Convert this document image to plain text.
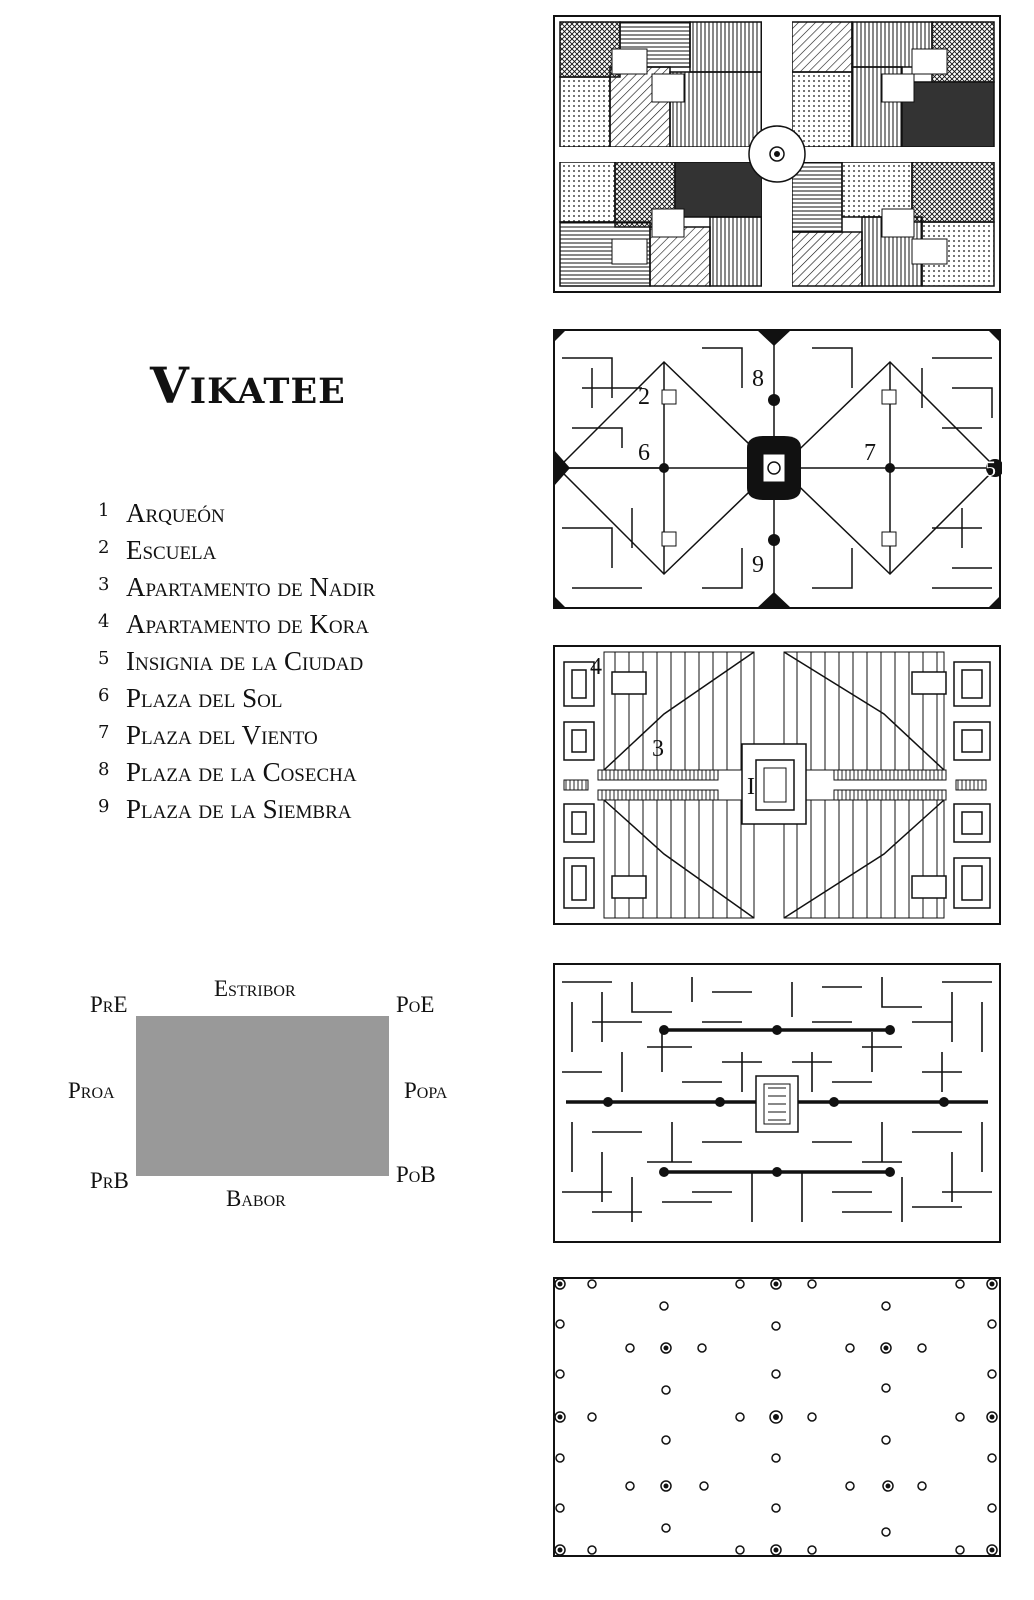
Vikatee
1 Arqueón
2 Escuela
3 Apartamento de Nadir
4 Apartamento de Kora
5 Insignia de la Ciudad
6 Plaza del Sol
7 Plaza del Viento
8 Plaza de la Cosecha
9 Plaza de la Siembra
PrE
Estribor
PoE
Proa	Popa
PrB
Babor
PoB
2
6	7
8
9
5
4
3
I
